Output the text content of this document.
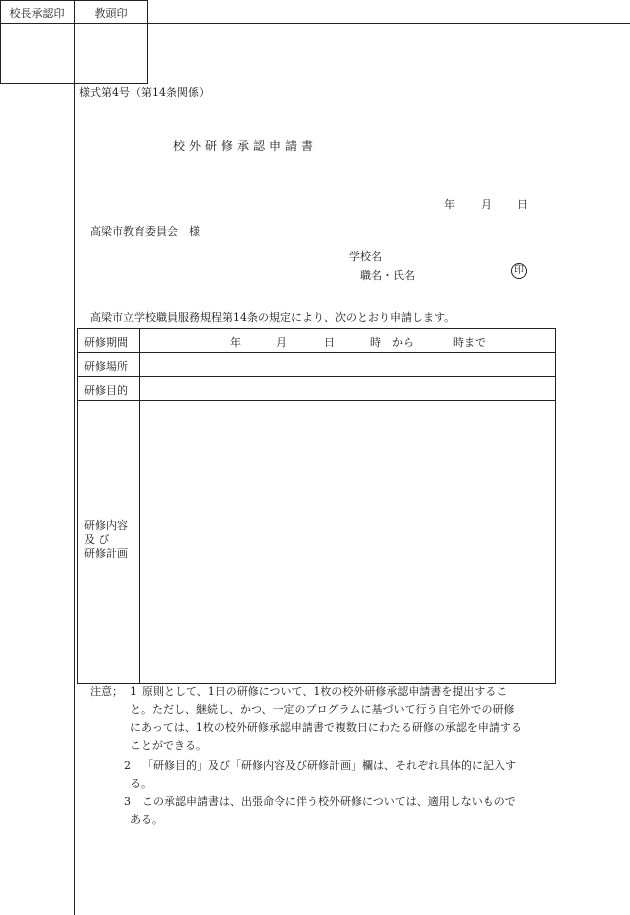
様式第4号（第14条関係）
校外研修承認申請書
校長承認印	教頭印
年 月 日
高梁市教育委員会　様
学校名
職名・氏名	印
高梁市立学校職員服務規程第14条の規定により、次のとおり申請します。
研修期間	年	月	日	時 から	時まで
研修場所
研修目的
研修内容
及 び
研修計画
注意； 1 原則として、1日の研修について、1枚の校外研修承認申請書を提出するこ
と。ただし、継続し、かつ、一定のプログラムに基づいて行う自宅外での研修
にあっては、1枚の校外研修承認申請書で複数日にわたる研修の承認を申請する
ことができる。
2 「研修目的」及び「研修内容及び研修計画」欄は、それぞれ具体的に記入す
る。
3 この承認申請書は、出張命令に伴う校外研修については、適用しないもので
ある。
